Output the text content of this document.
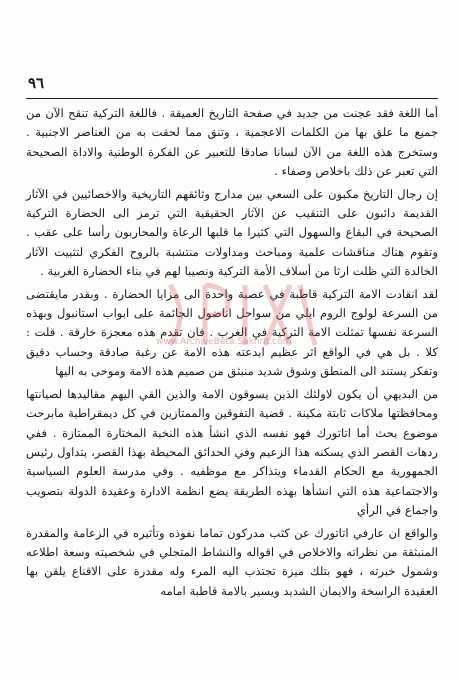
٩٦

أما اللغة فقد عجنت من جديد في صفحة التاريخ العميقة . فاللغة التركية تنقح الآن من جميع ما علق بها من الكلمات الاعجمية ، وتنق مما لحقت به من العناصر الاجنبية . وستخرج هذه اللغة من الآن لسانا صادقا للتعبير عن الفكرة الوطنية والاداة الصحيحة التي تعبر عن ذلك باخلاص وصفاء .

إن رجال التاريخ مكبون على السعي بين مدارج وثائقهم التاريخية والاخصائيين في الآثار القديمة دائبون على التنقيب عن الآثار الحقيقية التي ترمز الى الحضارة التركية الصحيحة في البقاع والسهول التي كثيرا ما قلبها الرعاة والمحاربون رأسا على عقب . وتقوم هناك مناقشات علمية ومباحث ومداولات منتشبة بالروح الفكري لتثبيت الآثار الخالدة التي ظلت ارثا من أسلاف الأمة التركية ونصيبا لهم في بناء الحضارة الغربية .

لقد انقادت الامة التركية قاطبة في عصبة واحدة الى مزايا الحضارة . وبقدر مايقتضى من السرعة لولوج الروم ايلي من سواحل اناضول الجائمة على ابواب استانبول وبهذه السرعة نفسها تمثلت الامة التركية في الغرب . فان تقدم هذه معجزة خارقة . قلت : كلا . بل هي في الواقع اثر عظيم ابدعته هذه الامة عن رغبة صادقة وحساب دقيق وتفكر يستند الى المنطق وشوق شديد منبثق من صميم هذه الامة وموحى به اليها

من البديهي أن يكون لاولئك الذين يسوقون الامة والذين القي اليهم مقاليدها لصيانتها ومحافظتها ملاكات ثابتة مكينة . قضية التفوقين والممتازين في كل ديمقراطية مابرحت موضوع بحث أما اتاتورك فهو نفسه الذي انشأ هذه النخبة المختارة الممتازة . ففي ردهات القصر الذي يسكنه هذا الزعيم وفي الحدائق المحيطة بهذا القصر، يتداول رئيس الجمهورية مع الحكام القدماء ويتذاكر مع موظفيه . وفي مدرسة العلوم السياسية والاجتماعية هذه التي انشأها بهذه الطريقة يضع انظمة الادارة وعقيدة الدولة بتصويب واجماع في الرأي

والواقع ان عارفي اتاتورك عن كثب مدركون تماما نفوذه وتأثيره في الزعامة والمقدرة المنبثقة من نظراته والاخلاص في اقواله والنشاط المتجلي في شخصيته وسعة اطلاعه وشمول خبرته ، فهو بتلك ميزة تجتذب اليه المرء وله مقدرة على الاقناع يلقن بها العقيدة الراسخة والايمان الشديد ويسير بالامة قاطبة امامه

www.ArchiveBeta.Sakhrit.com
